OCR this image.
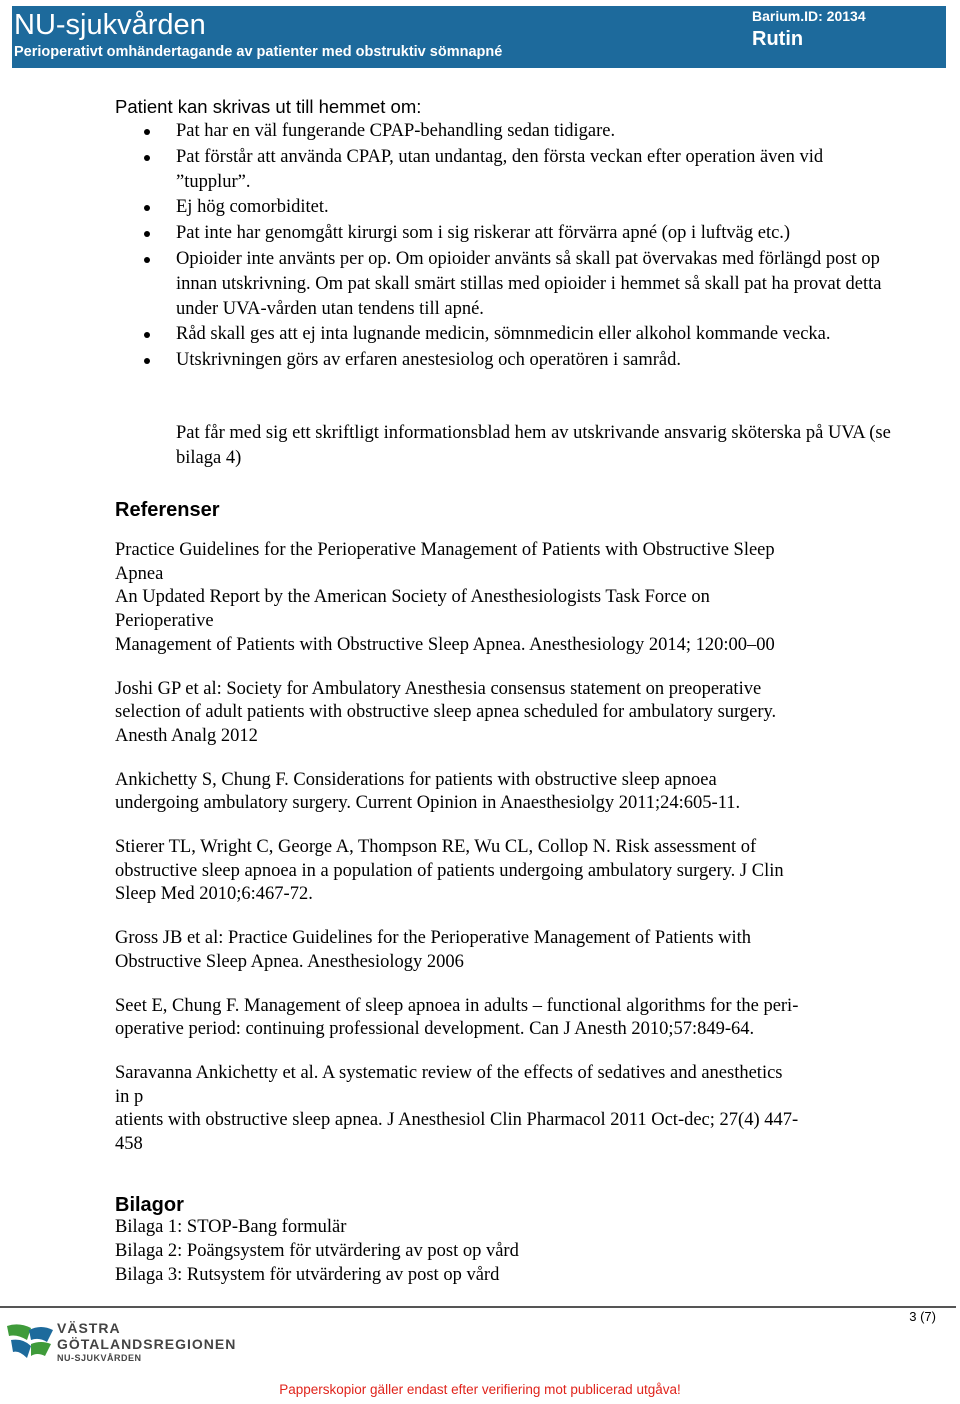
NU-sjukvården
Perioperativt omhändertagande av patienter med obstruktiv sömnapné
Barium.ID: 20134
Rutin
Patient kan skrivas ut till hemmet om:
Pat har en väl fungerande CPAP-behandling sedan tidigare.
Pat förstår att använda CPAP, utan undantag, den första veckan efter operation även vid ”tupplur”.
Ej hög comorbiditet.
Pat inte har genomgått kirurgi som i sig riskerar att förvärra apné (op i luftväg etc.)
Opioider inte använts per op. Om opioider använts så skall pat övervakas med förlängd post op innan utskrivning. Om pat skall smärt stillas med opioider i hemmet så skall pat ha provat detta under UVA-vården utan tendens till apné.
Råd skall ges att ej inta lugnande medicin, sömnmedicin eller alkohol kommande vecka.
Utskrivningen görs av erfaren anestesiolog och operatören i samråd.
Pat får med sig ett skriftligt informationsblad hem av utskrivande ansvarig sköterska på UVA (se bilaga 4)
Referenser

Practice Guidelines for the Perioperative Management of Patients with Obstructive Sleep
Apnea
An Updated Report by the American Society of Anesthesiologists Task Force on
Perioperative
Management of Patients with Obstructive Sleep Apnea. Anesthesiology 2014; 120:00–00

Joshi GP et al: Society for Ambulatory Anesthesia consensus statement on preoperative
selection of adult patients with obstructive sleep apnea scheduled for ambulatory surgery.
Anesth Analg 2012

Ankichetty S, Chung F. Considerations for patients with obstructive sleep apnoea
undergoing ambulatory surgery. Current Opinion in Anaesthesiolgy 2011;24:605-11.

Stierer TL, Wright C, George A, Thompson RE, Wu CL, Collop N. Risk assessment of
obstructive sleep apnoea in a population of patients undergoing ambulatory surgery. J Clin
Sleep Med 2010;6:467-72.

Gross JB et al: Practice Guidelines for the Perioperative Management of Patients with
Obstructive Sleep Apnea. Anesthesiology 2006

Seet E, Chung F. Management of sleep apnoea in adults – functional algorithms for the peri-
operative period: continuing professional development. Can J Anesth 2010;57:849-64.

Saravanna Ankichetty et al. A systematic review of the effects of sedatives and anesthetics
in p
atients with obstructive sleep apnea. J Anesthesiol Clin Pharmacol 2011 Oct-dec; 27(4) 447-
458

Bilagor
Bilaga 1: STOP-Bang formulär
Bilaga 2: Poängsystem för utvärdering av post op vård
Bilaga 3: Rutsystem för utvärdering av post op vård
3 (7)
VÄSTRA
GÖTALANDSREGIONEN
NU-SJUKVÅRDEN
Papperskopior gäller endast efter verifiering mot publicerad utgåva!
